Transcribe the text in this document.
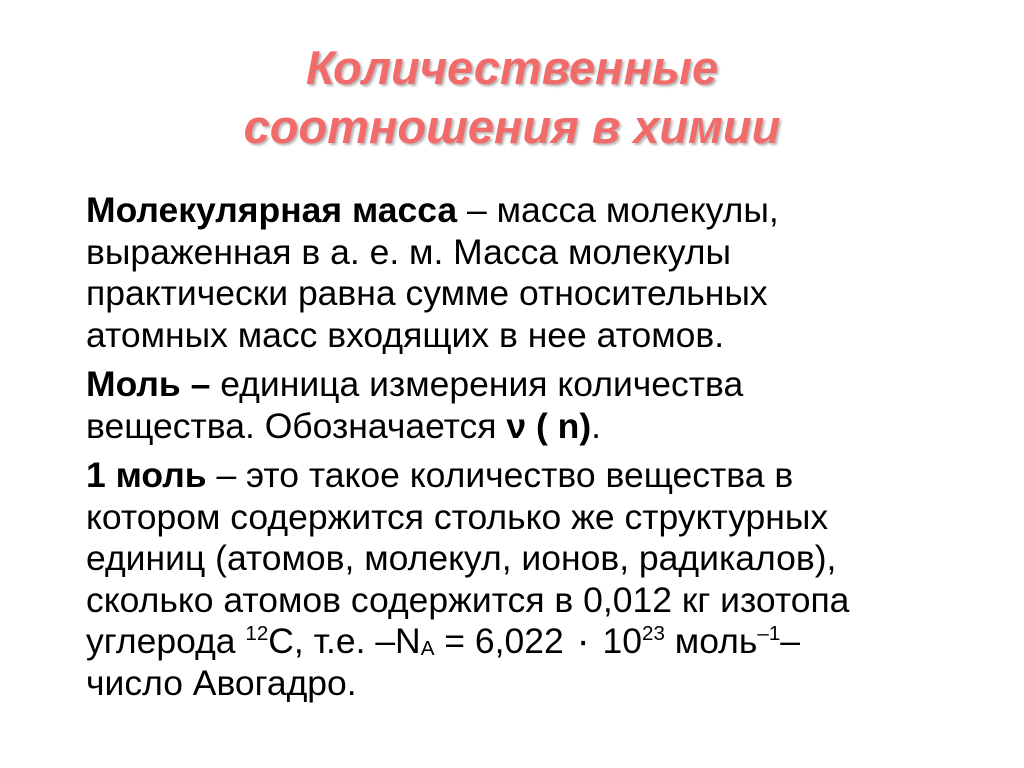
Количественные
соотношения в химии

Молекулярная масса – масса молекулы,
выраженная в а. е. м. Масса молекулы
практически равна сумме относительных
атомных масс входящих в нее атомов.

Моль – единица измерения количества
вещества. Обозначается ν ( n).

1 моль – это такое количество вещества в
котором содержится столько же структурных
единиц (атомов, молекул, ионов, радикалов),
сколько атомов содержится в 0,012 кг изотопа
углерода $^{12}$С, т.е. $-N_A = 6,022$ ٠ $10^{23}$ моль$^{-1}$–
число Авогадро.
